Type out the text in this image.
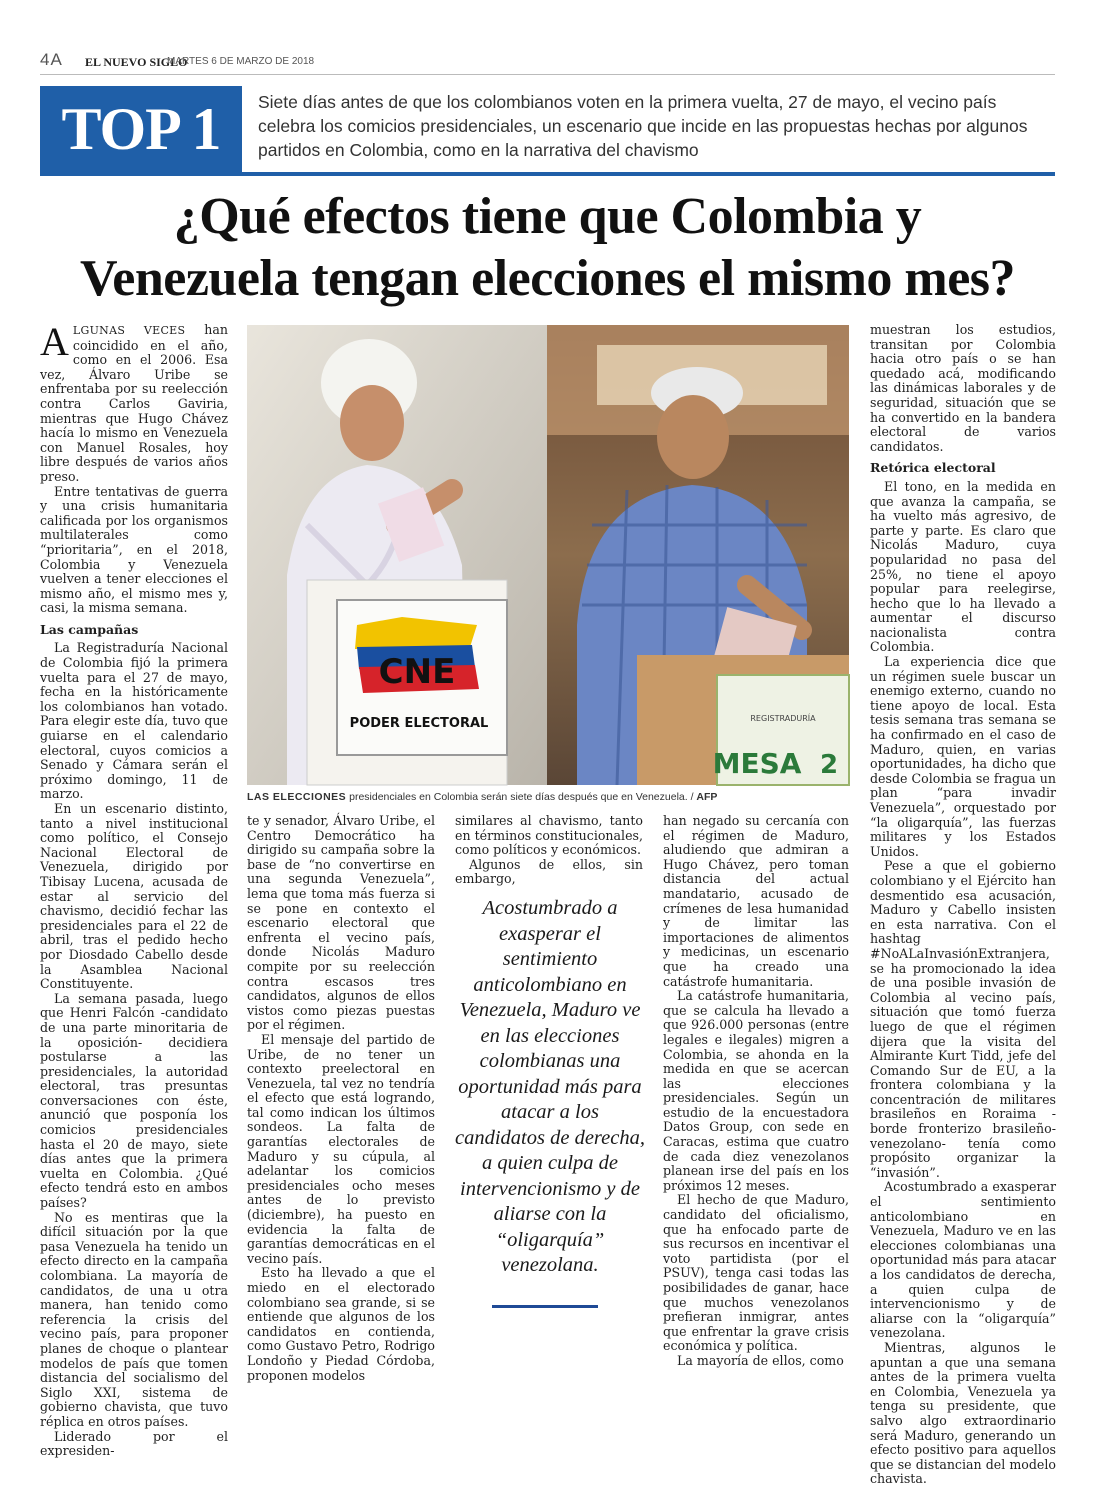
4A EL NUEVO SIGLO
MARTES 6 DE MARZO DE 2018
TOP 1	Siete días antes de que los colombianos voten en la primera vuelta, 27 de mayo, el vecino país celebra los comicios presidenciales, un escenario que incide en las propuestas hechas por algunos partidos en Colombia, como en la narrativa del chavismo
¿Qué efectos tiene que Colombia y
Venezuela tengan elecciones el mismo mes?

ALGUNAS VECES han coincidido en el año, como en el 2006. Esa vez, Álvaro Uribe se enfrentaba por su reelección contra Carlos Gaviria, mientras que Hugo Chávez hacía lo mismo en Venezuela con Manuel Rosales, hoy libre después de varios años preso.

Entre tentativas de guerra y una crisis humanitaria calificada por los organismos multilaterales como “prioritaria”, en el 2018, Colombia y Venezuela vuelven a tener elecciones el mismo año, el mismo mes y, casi, la misma semana.

Las campañas

La Registraduría Nacional de Colombia fijó la primera vuelta para el 27 de mayo, fecha en la históricamente los colombianos han votado. Para elegir este día, tuvo que guiarse en el calendario electoral, cuyos comicios a Senado y Cámara serán el próximo domingo, 11 de marzo.

En un escenario distinto, tanto a nivel institucional como político, el Consejo Nacional Electoral de Venezuela, dirigido por Tibisay Lucena, acusada de estar al servicio del chavismo, decidió fechar las presidenciales para el 22 de abril, tras el pedido hecho por Diosdado Cabello desde la Asamblea Nacional Constituyente.

La semana pasada, luego que Henri Falcón -candidato de una parte minoritaria de la oposición- decidiera postularse a las presidenciales, la autoridad electoral, tras presuntas conversaciones con éste, anunció que posponía los comicios presidenciales hasta el 20 de mayo, siete días antes que la primera vuelta en Colombia. ¿Qué efecto tendrá esto en ambos países?

No es mentiras que la difícil situación por la que pasa Venezuela ha tenido un efecto directo en la campaña colombiana. La mayoría de candidatos, de una u otra manera, han tenido como referencia la crisis del vecino país, para proponer planes de choque o plantear modelos de país que tomen distancia del socialismo del Siglo XXI, sistema de gobierno chavista, que tuvo réplica en otros países.

Liderado por el expresiden-

CNE
PODER ELECTORAL	REGISTRADURÍA
MESA 2
LAS ELECCIONES presidenciales en Colombia serán siete días después que en Venezuela. / AFP

te y senador, Álvaro Uribe, el Centro Democrático ha dirigido su campaña sobre la base de “no convertirse en una segunda Venezuela”, lema que toma más fuerza si se pone en contexto el escenario electoral que enfrenta el vecino país, donde Nicolás Maduro compite por su reelección contra escasos tres candidatos, algunos de ellos vistos como piezas puestas por el régimen.

El mensaje del partido de Uribe, de no tener un contexto preelectoral en Venezuela, tal vez no tendría el efecto que está logrando, tal como indican los últimos sondeos. La falta de garantías electorales de Maduro y su cúpula, al adelantar los comicios presidenciales ocho meses antes de lo previsto (diciembre), ha puesto en evidencia la falta de garantías democráticas en el vecino país.

Esto ha llevado a que el miedo en el electorado colombiano sea grande, si se entiende que algunos de los candidatos en contienda, como Gustavo Petro, Rodrigo Londoño y Piedad Córdoba, proponen modelos

similares al chavismo, tanto en términos constitucionales, como políticos y económicos.

Algunos de ellos, sin embargo,

Acostumbrado a exasperar el sentimiento anticolombiano en Venezuela, Maduro ve en las elecciones colombianas una oportunidad más para atacar a los candidatos de derecha, a quien culpa de intervencionismo y de aliarse con la “oligarquía” venezolana.

han negado su cercanía con el régimen de Maduro, aludiendo que admiran a Hugo Chávez, pero toman distancia del actual mandatario, acusado de crímenes de lesa humanidad y de limitar las importaciones de alimentos y medicinas, un escenario que ha creado una catástrofe humanitaria.

La catástrofe humanitaria, que se calcula ha llevado a que 926.000 personas (entre legales e ilegales) migren a Colombia, se ahonda en la medida en que se acercan las elecciones presidenciales. Según un estudio de la encuestadora Datos Group, con sede en Caracas, estima que cuatro de cada diez venezolanos planean irse del país en los próximos 12 meses.

El hecho de que Maduro, candidato del oficialismo, que ha enfocado parte de sus recursos en incentivar el voto partidista (por el PSUV), tenga casi todas las posibilidades de ganar, hace que muchos venezolanos prefieran inmigrar, antes que enfrentar la grave crisis económica y política.

La mayoría de ellos, como

muestran los estudios, transitan por Colombia hacia otro país o se han quedado acá, modificando las dinámicas laborales y de seguridad, situación que se ha convertido en la bandera electoral de varios candidatos.

Retórica electoral

El tono, en la medida en que avanza la campaña, se ha vuelto más agresivo, de parte y parte. Es claro que Nicolás Maduro, cuya popularidad no pasa del 25%, no tiene el apoyo popular para reelegirse, hecho que lo ha llevado a aumentar el discurso nacionalista contra Colombia.

La experiencia dice que un régimen suele buscar un enemigo externo, cuando no tiene apoyo de local. Esta tesis semana tras semana se ha confirmado en el caso de Maduro, quien, en varias oportunidades, ha dicho que desde Colombia se fragua un plan “para invadir Venezuela”, orquestado por “la oligarquía”, las fuerzas militares y los Estados Unidos.

Pese a que el gobierno colombiano y el Ejército han desmentido esa acusación, Maduro y Cabello insisten en esta narrativa. Con el hashtag #NoALaInvasiónExtranjera, se ha promocionado la idea de una posible invasión de Colombia al vecino país, situación que tomó fuerza luego de que el régimen dijera que la visita del Almirante Kurt Tidd, jefe del Comando Sur de EU, a la frontera colombiana y la concentración de militares brasileños en Roraima -borde fronterizo brasileño-venezolano- tenía como propósito organizar la “invasión”.

Acostumbrado a exasperar el sentimiento anticolombiano en Venezuela, Maduro ve en las elecciones colombianas una oportunidad más para atacar a los candidatos de derecha, a quien culpa de intervencionismo y de aliarse con la “oligarquía” venezolana.

Mientras, algunos le apuntan a que una semana antes de la primera vuelta en Colombia, Venezuela ya tenga su presidente, que salvo algo extraordinario será Maduro, generando un efecto positivo para aquellos que se distancian del modelo chavista.
